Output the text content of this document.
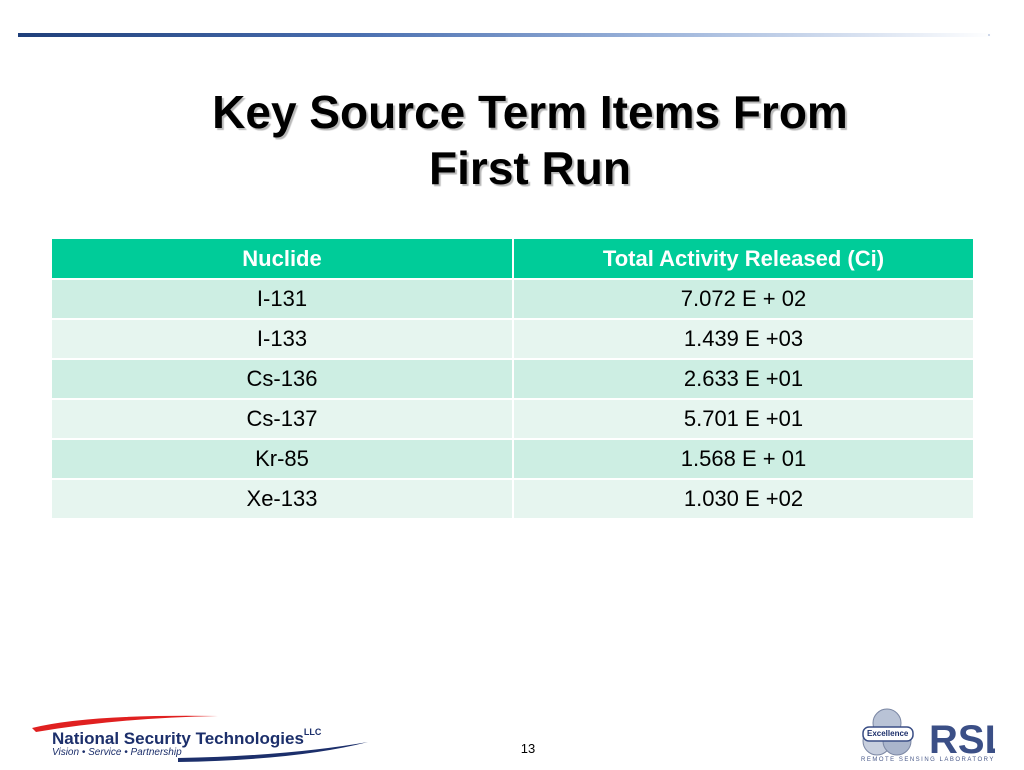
Key Source Term Items From
First Run
Nuclide	Total Activity Released (Ci)
I-131	7.072 E + 02
I-133	1.439 E +03
Cs-136	2.633 E +01
Cs-137	5.701 E +01
Kr-85	1.568 E + 01
Xe-133	1.030 E +02
National Security Technologies$^{LLC}$
Vision • Service • Partnership	13	RS
Excellence
REMOTE SENSING LABORATORY
